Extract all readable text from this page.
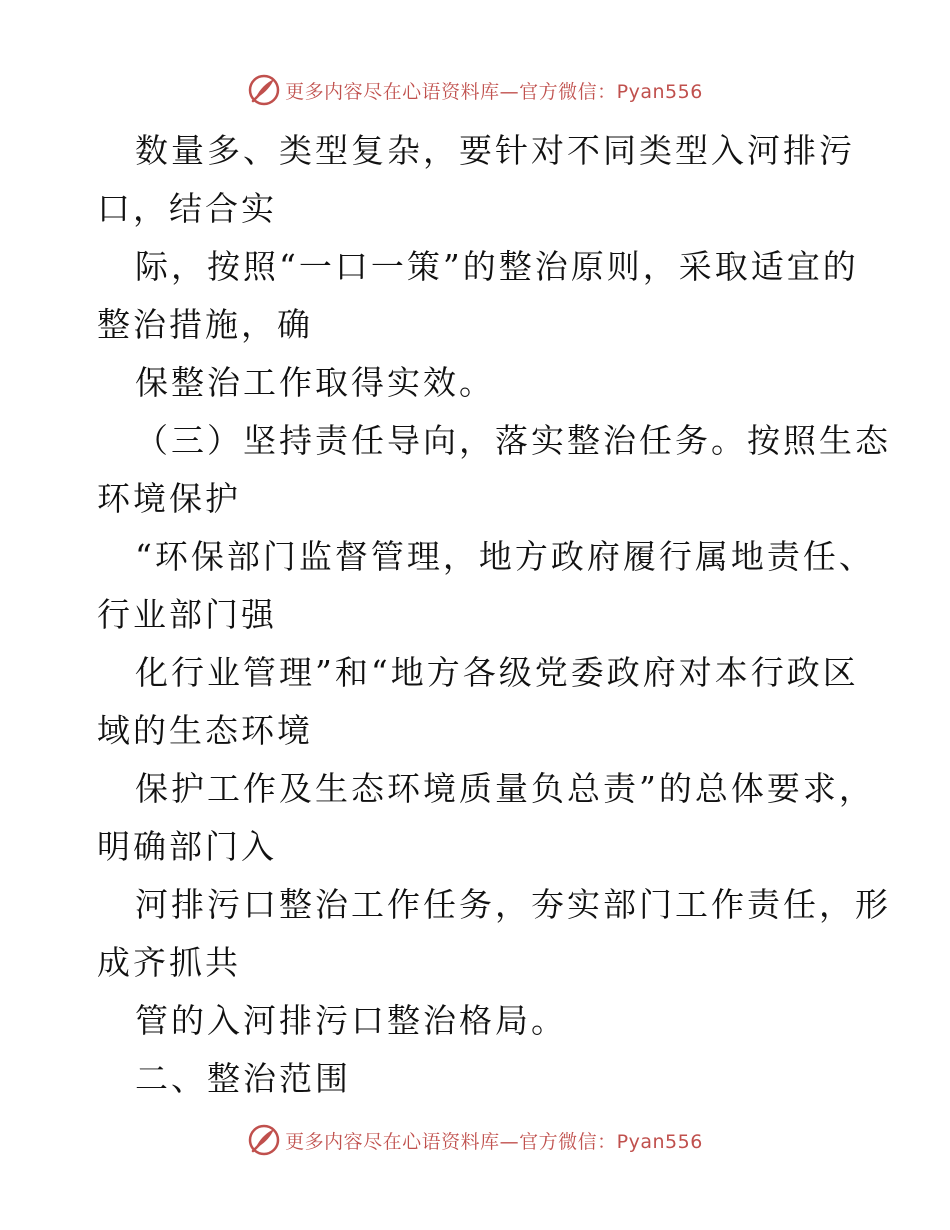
更多内容尽在心语资料库—官方微信：Pyan556
数量多、类型复杂，要针对不同类型入河排污
口，结合实
际，按照“一口一策”的整治原则，采取适宜的
整治措施，确
保整治工作取得实效。
（三）坚持责任导向，落实整治任务。按照生态
环境保护
“环保部门监督管理，地方政府履行属地责任、
行业部门强
化行业管理”和“地方各级党委政府对本行政区
域的生态环境
保护工作及生态环境质量负总责”的总体要求，
明确部门入
河排污口整治工作任务，夯实部门工作责任，形
成齐抓共
管的入河排污口整治格局。
二、整治范围
更多内容尽在心语资料库—官方微信：Pyan556
